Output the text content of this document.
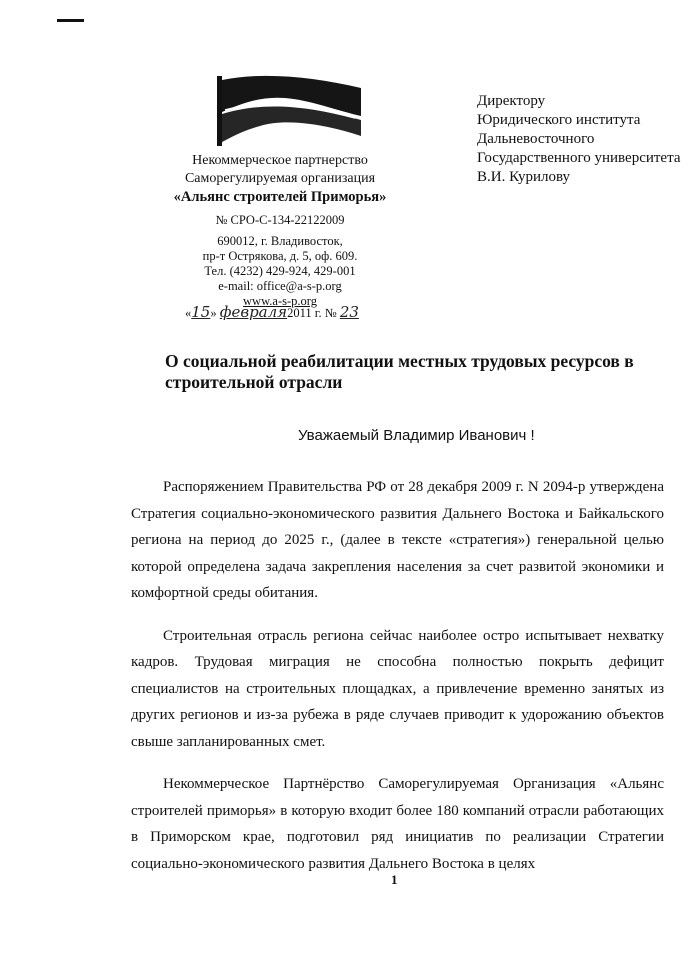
Некоммерческое партнерство
Саморегулируемая организация
«Альянс строителей Приморья»
№ СРО-С-134-22122009
690012, г. Владивосток,
пр-т Острякова, д. 5, оф. 609.
Тел. (4232) 429-924, 429-001
e-mail: office@a-s-p.org
www.a-s-p.org
«15» февраля2011 г. № 23
Директору
Юридического института
Дальневосточного
Государственного университета
В.И. Курилову
О социальной реабилитации местных трудовых ресурсов в строительной отрасли
Уважаемый Владимир Иванович !

Распоряжением Правительства РФ от 28 декабря 2009 г. N 2094-р утверждена Стратегия социально-экономического развития Дальнего Востока и Байкальского региона на период до 2025 г., (далее в тексте «стратегия») генеральной целью которой определена задача закрепления населения за счет развитой экономики и комфортной среды обитания.

Строительная отрасль региона сейчас наиболее остро испытывает нехватку кадров. Трудовая миграция не способна полностью покрыть дефицит специалистов на строительных площадках, а привлечение временно занятых из других регионов и из-за рубежа в ряде случаев приводит к удорожанию объектов свыше запланированных смет.

Некоммерческое Партнёрство Саморегулируемая Организация «Альянс строителей приморья» в которую входит более 180 компаний отрасли работающих в Приморском крае, подготовил ряд инициатив по реализации Стратегии социально-экономического развития Дальнего Востока в целях

1
